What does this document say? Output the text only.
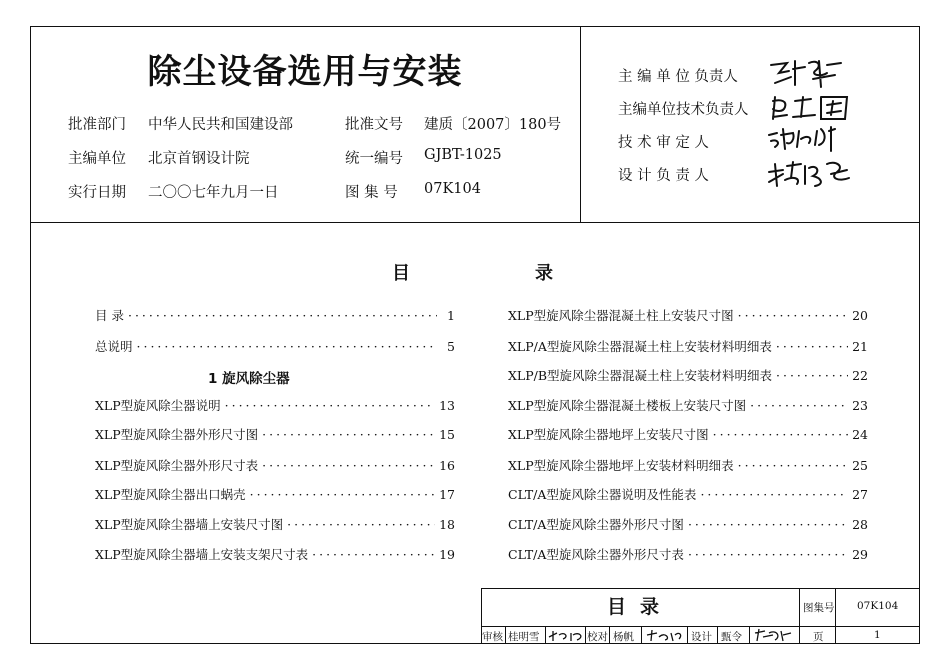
除尘设备选用与安装
批准部门 中华人民共和国建设部
主编单位 北京首钢设计院
实行日期 二〇〇七年九月一日
批准文号 建质〔2007〕180号
统一编号 GJBT-1025
图 集 号 07K104
主 编 单 位 负责人
主编单位技术负责人
技 术 审 定 人
设 计 负 责 人
目	录
目 录 ·····	1
总说明 ·····	5
1 旋风除尘器
XLP型旋风除尘器说明 ·····	13
XLP型旋风除尘器外形尺寸图 ·····	15
XLP型旋风除尘器外形尺寸表 ·····	16
XLP型旋风除尘器出口蜗壳 ·····	17
XLP型旋风除尘器墙上安装尺寸图 ·····	18
XLP型旋风除尘器墙上安装支架尺寸表 ·····	19
XLP型旋风除尘器混凝土柱上安装尺寸图 ·····	20
XLP/A型旋风除尘器混凝土柱上安装材料明细表 ·····	21
XLP/B型旋风除尘器混凝土柱上安装材料明细表 ·····	22
XLP型旋风除尘器混凝土楼板上安装尺寸图 ·····	23
XLP型旋风除尘器地坪上安装尺寸图 ·····	24
XLP型旋风除尘器地坪上安装材料明细表 ·····	25
CLT/A型旋风除尘器说明及性能表 ·····	27
CLT/A型旋风除尘器外形尺寸图 ·····	28
CLT/A型旋风除尘器外形尺寸表 ·····	29
目录	图集号 07K104
页	1
审核 桂明雪	校对 杨帆	设计 甄令
